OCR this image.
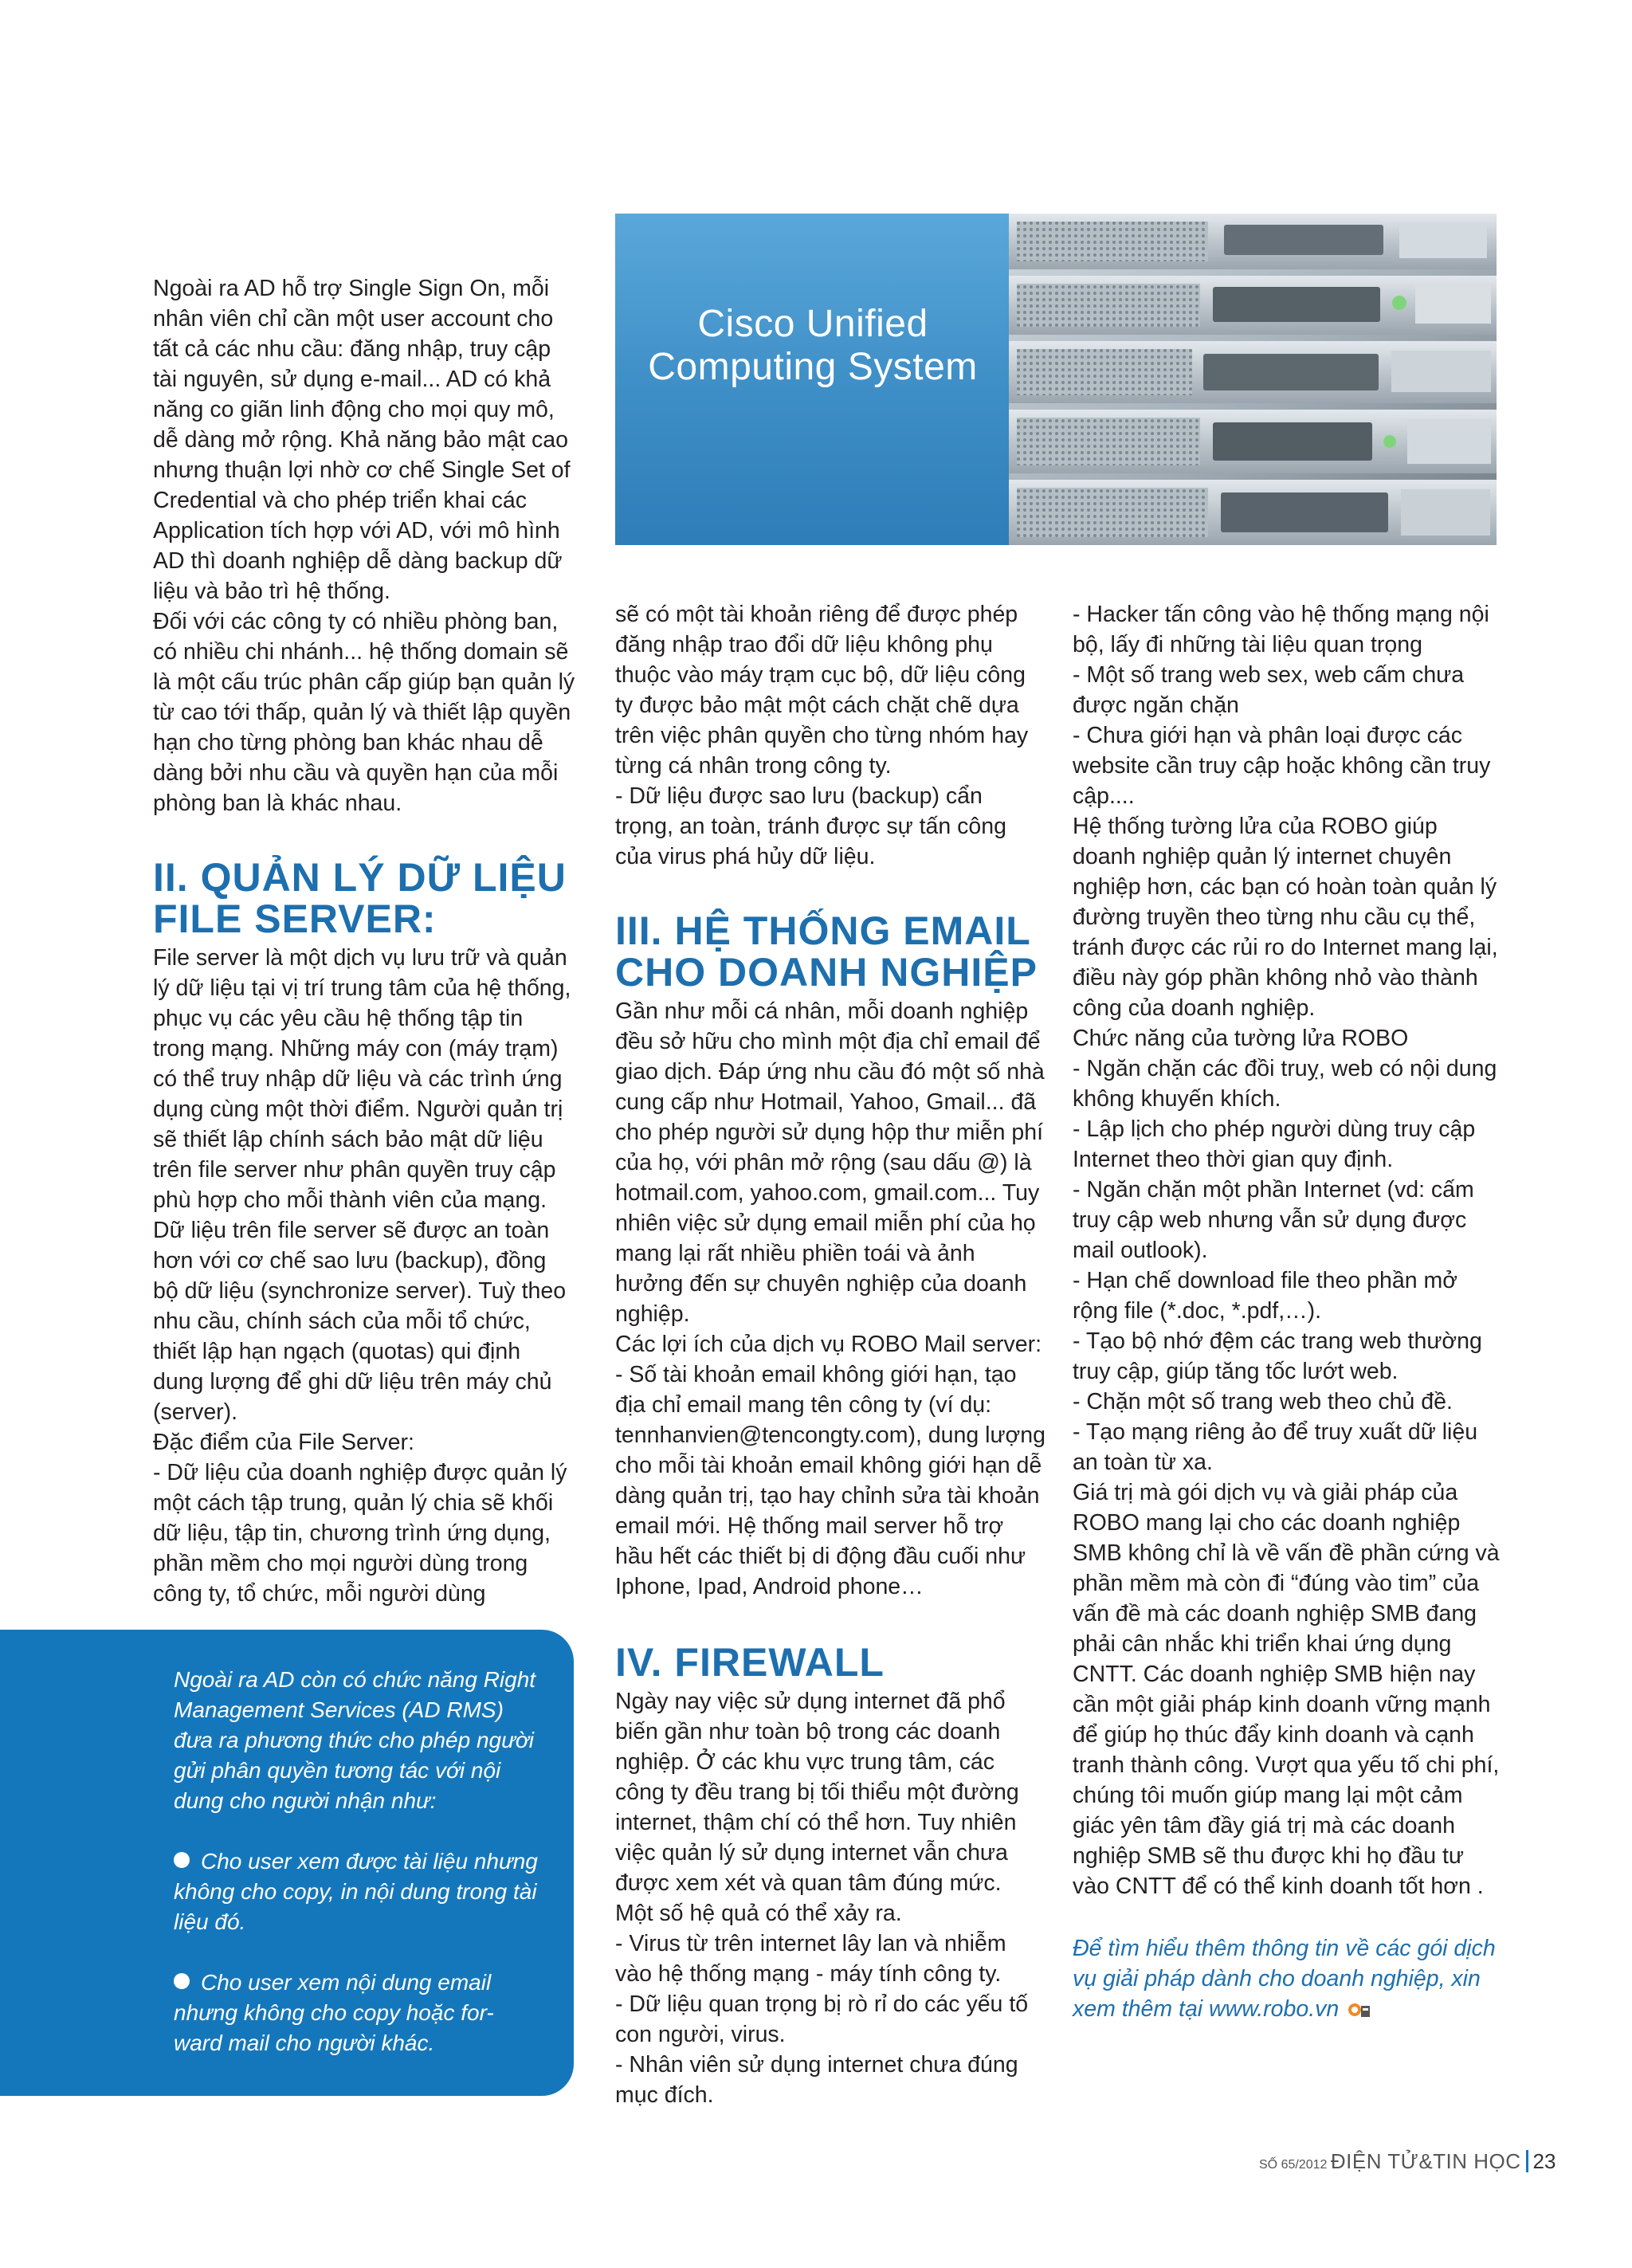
Ngoài ra AD hỗ trợ Single Sign On, mỗi nhân viên chỉ cần một user account cho tất cả các nhu cầu: đăng nhập, truy cập tài nguyên, sử dụng e-mail... AD có khả năng co giãn linh động cho mọi quy mô, dễ dàng mở rộng. Khả năng bảo mật cao nhưng thuận lợi nhờ cơ chế Single Set of Credential và cho phép triển khai các Application tích hợp với AD, với mô hình AD thì doanh nghiệp dễ dàng backup dữ liệu và bảo trì hệ thống.

Đối với các công ty có nhiều phòng ban, có nhiều chi nhánh... hệ thống domain sẽ là một cấu trúc phân cấp giúp bạn quản lý từ cao tới thấp, quản lý và thiết lập quyền hạn cho từng phòng ban khác nhau dễ dàng bởi nhu cầu và quyền hạn của mỗi phòng ban là khác nhau.

II. QUẢN LÝ DỮ LIỆU FILE SERVER:

File server là một dịch vụ lưu trữ và quản lý dữ liệu tại vị trí trung tâm của hệ thống, phục vụ các yêu cầu hệ thống tập tin trong mạng. Những máy con (máy trạm) có thể truy nhập dữ liệu và các trình ứng dụng cùng một thời điểm. Người quản trị sẽ thiết lập chính sách bảo mật dữ liệu trên file server như phân quyền truy cập phù hợp cho mỗi thành viên của mạng. Dữ liệu trên file server sẽ được an toàn hơn với cơ chế sao lưu (backup), đồng bộ dữ liệu (synchronize server). Tuỳ theo nhu cầu, chính sách của mỗi tổ chức, thiết lập hạn ngạch (quotas) qui định dung lượng để ghi dữ liệu trên máy chủ (server).

Đặc điểm của File Server:

- Dữ liệu của doanh nghiệp được quản lý một cách tập trung, quản lý chia sẽ khối dữ liệu, tập tin, chương trình ứng dụng, phần mềm cho mọi người dùng trong công ty, tổ chức, mỗi người dùng

Cisco Unified
Computing System

sẽ có một tài khoản riêng để được phép đăng nhập trao đổi dữ liệu không phụ thuộc vào máy trạm cục bộ, dữ liệu công ty được bảo mật một cách chặt chẽ dựa trên việc phân quyền cho từng nhóm hay từng cá nhân trong công ty.

- Dữ liệu được sao lưu (backup) cẩn trọng, an toàn, tránh được sự tấn công của virus phá hủy dữ liệu.

III. HỆ THỐNG EMAIL CHO DOANH NGHIỆP

Gần như mỗi cá nhân, mỗi doanh nghiệp đều sở hữu cho mình một địa chỉ email để giao dịch. Đáp ứng nhu cầu đó một số nhà cung cấp như Hotmail, Yahoo, Gmail... đã cho phép người sử dụng hộp thư miễn phí của họ, với phân mở rộng (sau dấu @) là hotmail.com, yahoo.com, gmail.com... Tuy nhiên việc sử dụng email miễn phí của họ mang lại rất nhiều phiền toái và ảnh hưởng đến sự chuyên nghiệp của doanh nghiệp.

Các lợi ích của dịch vụ ROBO Mail server:

- Số tài khoản email không giới hạn, tạo địa chỉ email mang tên công ty (ví dụ: tennhanvien@tencongty.com), dung lượng cho mỗi tài khoản email không giới hạn dễ dàng quản trị, tạo hay chỉnh sửa tài khoản email mới. Hệ thống mail server hỗ trợ hầu hết các thiết bị di động đầu cuối như Iphone, Ipad, Android phone…

IV. FIREWALL

Ngày nay việc sử dụng internet đã phổ biến gần như toàn bộ trong các doanh nghiệp. Ở các khu vực trung tâm, các công ty đều trang bị tối thiểu một đường internet, thậm chí có thể hơn. Tuy nhiên việc quản lý sử dụng internet vẫn chưa được xem xét và quan tâm đúng mức.

Một số hệ quả có thể xảy ra.

- Virus từ trên internet lây lan và nhiễm vào hệ thống mạng - máy tính công ty.

- Dữ liệu quan trọng bị rò rỉ do các yếu tố con người, virus.

- Nhân viên sử dụng internet chưa đúng mục đích.

- Hacker tấn công vào hệ thống mạng nội bộ, lấy đi những tài liệu quan trọng

- Một số trang web sex, web cấm chưa được ngăn chặn

- Chưa giới hạn và phân loại được các website cần truy cập hoặc không cần truy cập....

Hệ thống tường lửa của ROBO giúp doanh nghiệp quản lý internet chuyên nghiệp hơn, các bạn có hoàn toàn quản lý đường truyền theo từng nhu cầu cụ thể, tránh được các rủi ro do Internet mang lại, điều này góp phần không nhỏ vào thành công của doanh nghiệp.

Chức năng của tường lửa ROBO

- Ngăn chặn các đồi truỵ, web có nội dung không khuyến khích.

- Lập lịch cho phép người dùng truy cập Internet theo thời gian quy định.

- Ngăn chặn một phần Internet (vd: cấm truy cập web nhưng vẫn sử dụng được mail outlook).

- Hạn chế download file theo phần mở rộng file (*.doc, *.pdf,…).

- Tạo bộ nhớ đệm các trang web thường truy cập, giúp tăng tốc lướt web.

- Chặn một số trang web theo chủ đề.

- Tạo mạng riêng ảo để truy xuất dữ liệu an toàn từ xa.

Giá trị mà gói dịch vụ và giải pháp của ROBO mang lại cho các doanh nghiệp SMB không chỉ là về vấn đề phần cứng và phần mềm mà còn đi “đúng vào tim” của vấn đề mà các doanh nghiệp SMB đang phải cân nhắc khi triển khai ứng dụng CNTT. Các doanh nghiệp SMB hiện nay cần một giải pháp kinh doanh vững mạnh để giúp họ thúc đẩy kinh doanh và cạnh tranh thành công. Vượt qua yếu tố chi phí, chúng tôi muốn giúp mang lại một cảm giác yên tâm đầy giá trị mà các doanh nghiệp SMB sẽ thu được khi họ đầu tư vào CNTT để có thể kinh doanh tốt hơn .

Để tìm hiểu thêm thông tin về các gói dịch vụ giải pháp dành cho doanh nghiệp, xin xem thêm tại www.robo.vn

Ngoài ra AD còn có chức năng Right Management Services (AD RMS) đưa ra phương thức cho phép người gửi phân quyền tương tác với nội dung cho người nhận như:

Cho user xem được tài liệu nhưng không cho copy, in nội dung trong tài liệu đó.

Cho user xem nội dung email nhưng không cho copy hoặc for-ward mail cho người khác.

SỐ 65/2012 ĐIỆN TỬ&TIN HỌC 23
